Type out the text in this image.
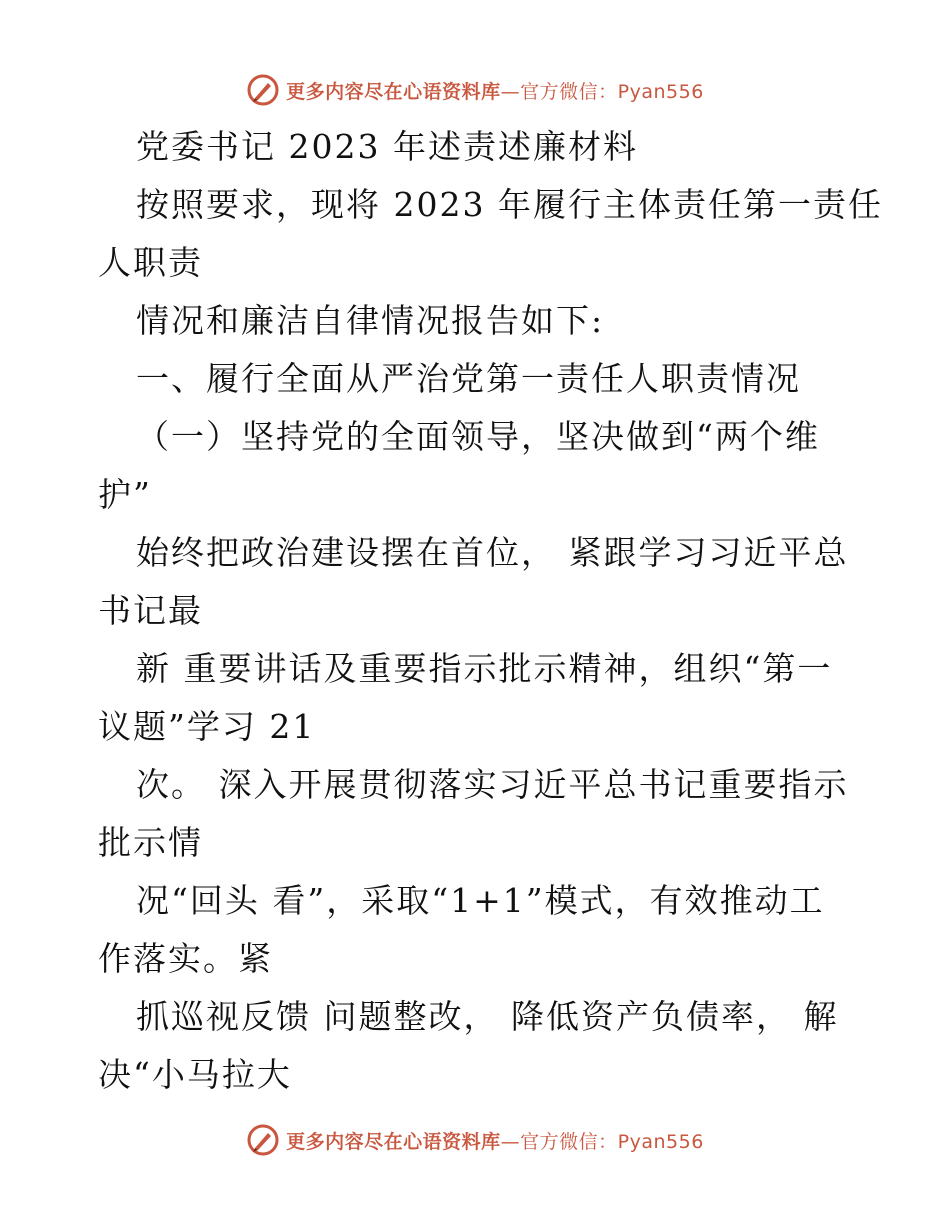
更多内容尽在心语资料库—官方微信：Pyan556
党委书记 2023 年述责述廉材料
按照要求，现将 2023 年履行主体责任第一责任
人职责
情况和廉洁自律情况报告如下:
一、履行全面从严治党第一责任人职责情况
（一）坚持党的全面领导，坚决做到“两个维
护”
始终把政治建设摆在首位， 紧跟学习习近平总
书记最
新 重要讲话及重要指示批示精神，组织“第一
议题”学习 21
次。 深入开展贯彻落实习近平总书记重要指示
批示情
况“回头 看”，采取“1+1”模式，有效推动工
作落实。紧
抓巡视反馈 问题整改， 降低资产负债率， 解
决“小马拉大
更多内容尽在心语资料库—官方微信：Pyan556
